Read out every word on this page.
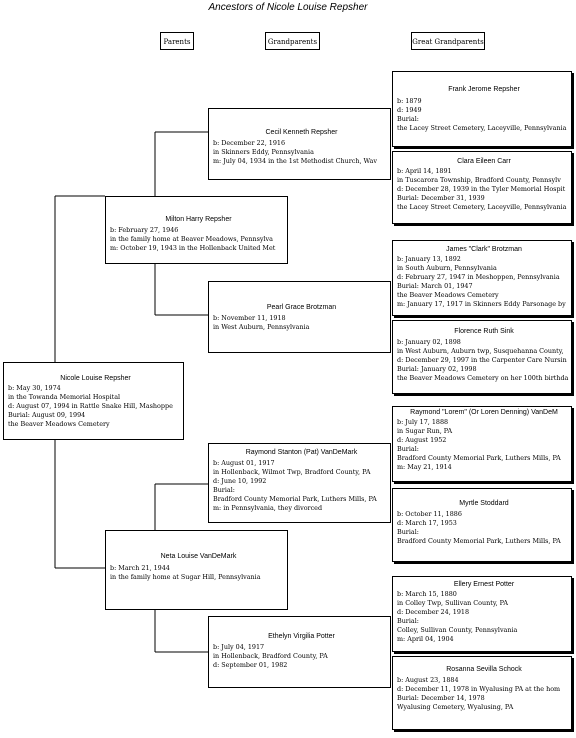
Ancestors of Nicole Louise Repsher
Parents	Grandparents	Great Grandparents
Frank Jerome Repsher
b: 1879
d: 1949
Burial:
the Lacey Street Cemetery, Laceyville, Pennsylvania
Clara Eileen Carr
b: April 14, 1891
in Tuscarora Township, Bradford County, Pennsylv
d: December 28, 1939 in the Tyler Memorial Hospit
Burial: December 31, 1939
the Lacey Street Cemetery, Laceyville, Pennsylvania
James "Clark" Brotzman
b: January 13, 1892
in South Auburn, Pennsylvania
d: February 27, 1947 in Meshoppen, Pennsylvania
Burial: March 01, 1947
the Beaver Meadows Cemetery
m: January 17, 1917 in Skinners Eddy Parsonage by
Florence Ruth Sink
b: January 02, 1898
in West Auburn, Auburn twp, Susquehanna County,
d: December 29, 1997 in the Carpenter Care Nursin
Burial: January 02, 1998
the Beaver Meadows Cemetery on her 100th birthda
Raymond "Lorem" (Or Loren Denning) VanDeM
b: July 17, 1888
in Sugar Run, PA
d: August 1952
Burial:
Bradford County Memorial Park, Luthers Mills, PA
m: May 21, 1914
Myrtle Stoddard
b: October 11, 1886
d: March 17, 1953
Burial:
Bradford County Memorial Park, Luthers Mills, PA
Ellery Ernest Potter
b: March 15, 1880
in Colley Twp, Sullivan County, PA
d: December 24, 1918
Burial:
Colley, Sullivan County, Pennsylvania
m: April 04, 1904
Rosanna Sevilla Schock
b: August 23, 1884
d: December 11, 1978 in Wyalusing PA at the hom
Burial: December 14, 1978
Wyalusing Cemetery, Wyalusing, PA
Cecil Kenneth Repsher
b: December 22, 1916
in Skinners Eddy, Pennsylvania
m: July 04, 1934 in the 1st Methodist Church, Wav
Pearl Grace Brotzman
b: November 11, 1918
in West Auburn, Pennsylvania
Raymond Stanton (Pat) VanDeMark
b: August 01, 1917
in Hollenback, Wilmot Twp, Bradford County, PA
d: June 10, 1992
Burial:
Bradford County Memorial Park, Luthers Mills, PA
m: in Pennsylvania, they divorced
Ethelyn Virgilia Potter
b: July 04, 1917
in Hollenback, Bradford County, PA
d: September 01, 1982
Milton Harry Repsher
b: February 27, 1946
in the family home at Beaver Meadows, Pennsylva
m: October 19, 1943 in the Hollenback United Met
Neta Louise VanDeMark
b: March 21, 1944
in the family home at Sugar Hill, Pennsylvania
Nicole Louise Repsher
b: May 30, 1974
in the Towanda Memorial Hospital
d: August 07, 1994 in Rattle Snake Hill, Mashoppe
Burial: August 09, 1994
the Beaver Meadows Cemetery
